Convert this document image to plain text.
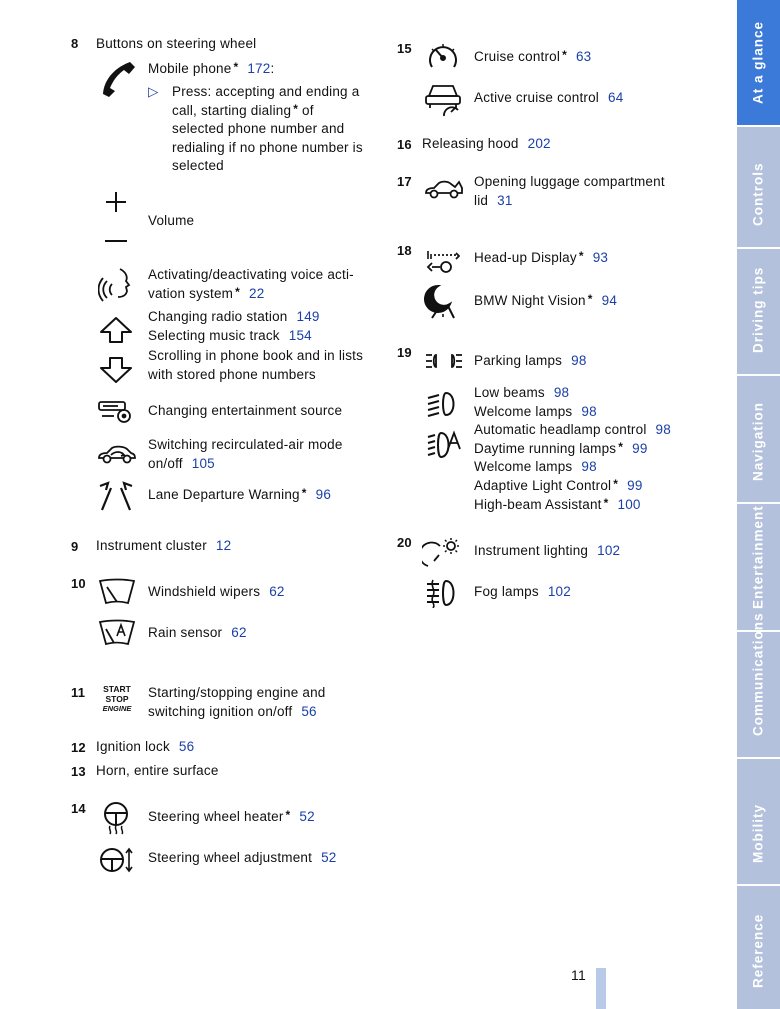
8 Buttons on steering wheel
Mobile phone * 172:
▷ Press: accepting and ending a
call, starting dialing * of
selected phone number and
redialing if no phone number is
selected
Volume
Activating/deactivating voice acti-
vation system * 22
Changing radio station 149
Selecting music track 154
Scrolling in phone book and in lists
with stored phone numbers
Changing entertainment source
Switching recirculated-air mode
on/off 105
Lane Departure Warning * 96
9 Instrument cluster 12
10
Windshield wipers 62
Rain sensor 62
11	START
STOP
ENGINE
Starting/stopping engine and
switching ignition on/off 56
12 Ignition lock 56
13 Horn, entire surface
14
Steering wheel heater * 52
Steering wheel adjustment 52
15
Cruise control * 63
Active cruise control 64
16 Releasing hood 202
17	Opening luggage compartment
lid 31
18	Head-up Display * 93
BMW Night Vision * 94
19
Parking lamps 98
Low beams 98
Welcome lamps 98
Automatic headlamp control 98
Daytime running lamps * 99
Welcome lamps 98
Adaptive Light Control * 99
High-beam Assistant * 100
20
Instrument lighting 102
Fog lamps 102
11
At a glance
Controls
Driving tips
Navigation
Entertainment
Communications
Mobility
Reference
